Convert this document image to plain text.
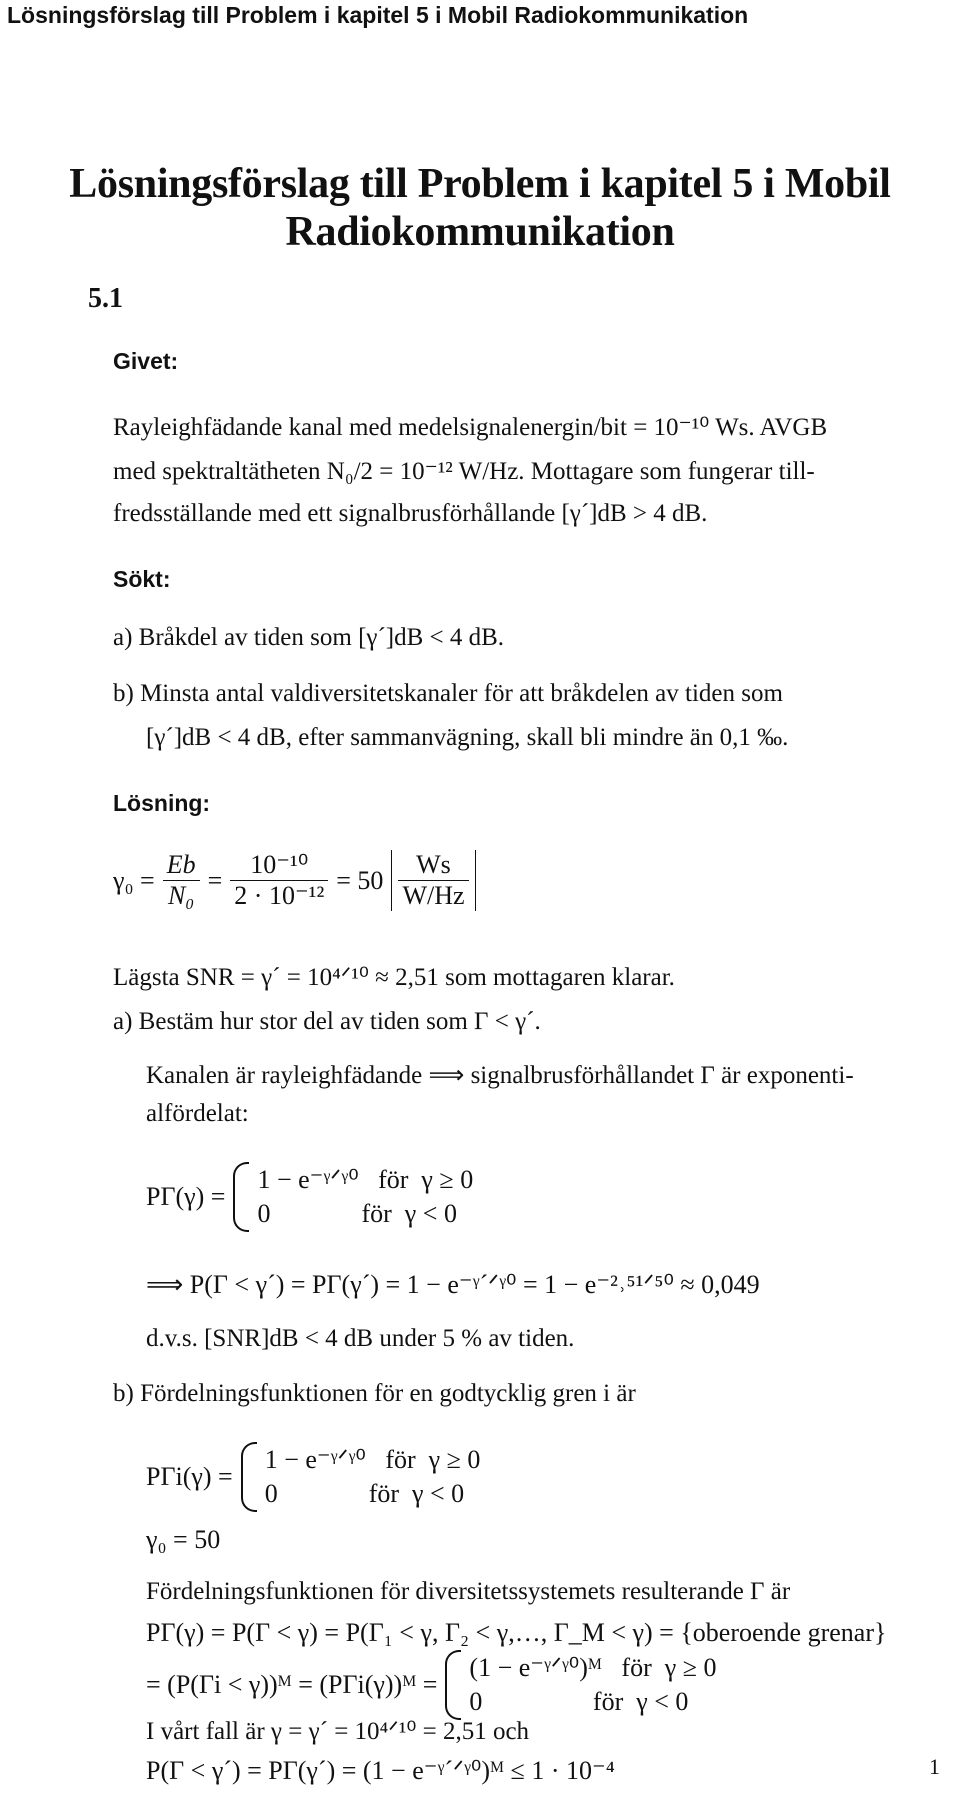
Lösningsförslag till Problem i kapitel 5 i Mobil Radiokommunikation
Lösningsförslag till Problem i kapitel 5 i Mobil Radiokommunikation
5.1
Givet:
Rayleighfädande kanal med medelsignalenergin/bit = 10⁻¹⁰ Ws. AVGB
med spektraltätheten N₀/2 = 10⁻¹² W/Hz. Mottagare som fungerar till-
fredsställande med ett signalbrusförhållande [γ´]dB > 4 dB.
Sökt:
a) Bråkdel av tiden som [γ´]dB < 4 dB.
b) Minsta antal valdiversitetskanaler för att bråkdelen av tiden som
[γ´]dB < 4 dB, efter sammanvägning, skall bli mindre än 0,1 ‰.
Lösning:
$\gamma_0 = \frac{Eb}{\text{N₀}} = \frac{\text{10⁻¹⁰}}{\text{2 · 10⁻¹²}} = 50 \frac{Ws}{W/Hz}$
Lägsta SNR = γ´ = 10⁴ᐟ¹⁰ ≈ 2,51 som mottagaren klarar.
a) Bestäm hur stor del av tiden som Γ < γ´.
Kanalen är rayleighfädande ⟹ signalbrusförhållandet Γ är exponenti-
alfördelat:
PΓ(γ) =
1 − e⁻ᵞᐟᵞ⁰   för  γ ≥ 0
0              för  γ < 0
⟹ P(Γ < γ´) = PΓ(γ´) = 1 − e⁻ᵞ´ᐟᵞ⁰ = 1 − e⁻²˒⁵¹ᐟ⁵⁰ ≈ 0,049
d.v.s. [SNR]dB < 4 dB under 5 % av tiden.
b) Fördelningsfunktionen för en godtycklig gren i är
PΓi(γ) =
1 − e⁻ᵞᐟᵞ⁰   för  γ ≥ 0
0              för  γ < 0
γ₀ = 50
Fördelningsfunktionen för diversitetssystemets resulterande Γ är
PΓ(γ) = P(Γ < γ) = P(Γ₁ < γ, Γ₂ < γ,…, Γ_M < γ) = {oberoende grenar}
= (P(Γi < γ))ᴹ = (PΓi(γ))ᴹ =
(1 − e⁻ᵞᐟᵞ⁰)ᴹ   för  γ ≥ 0
0                 för  γ < 0
I vårt fall är γ = γ´ = 10⁴ᐟ¹⁰ = 2,51 och
1
P(Γ < γ´) = PΓ(γ´) = (1 − e⁻ᵞ´ᐟᵞ⁰)ᴹ ≤ 1 · 10⁻⁴
